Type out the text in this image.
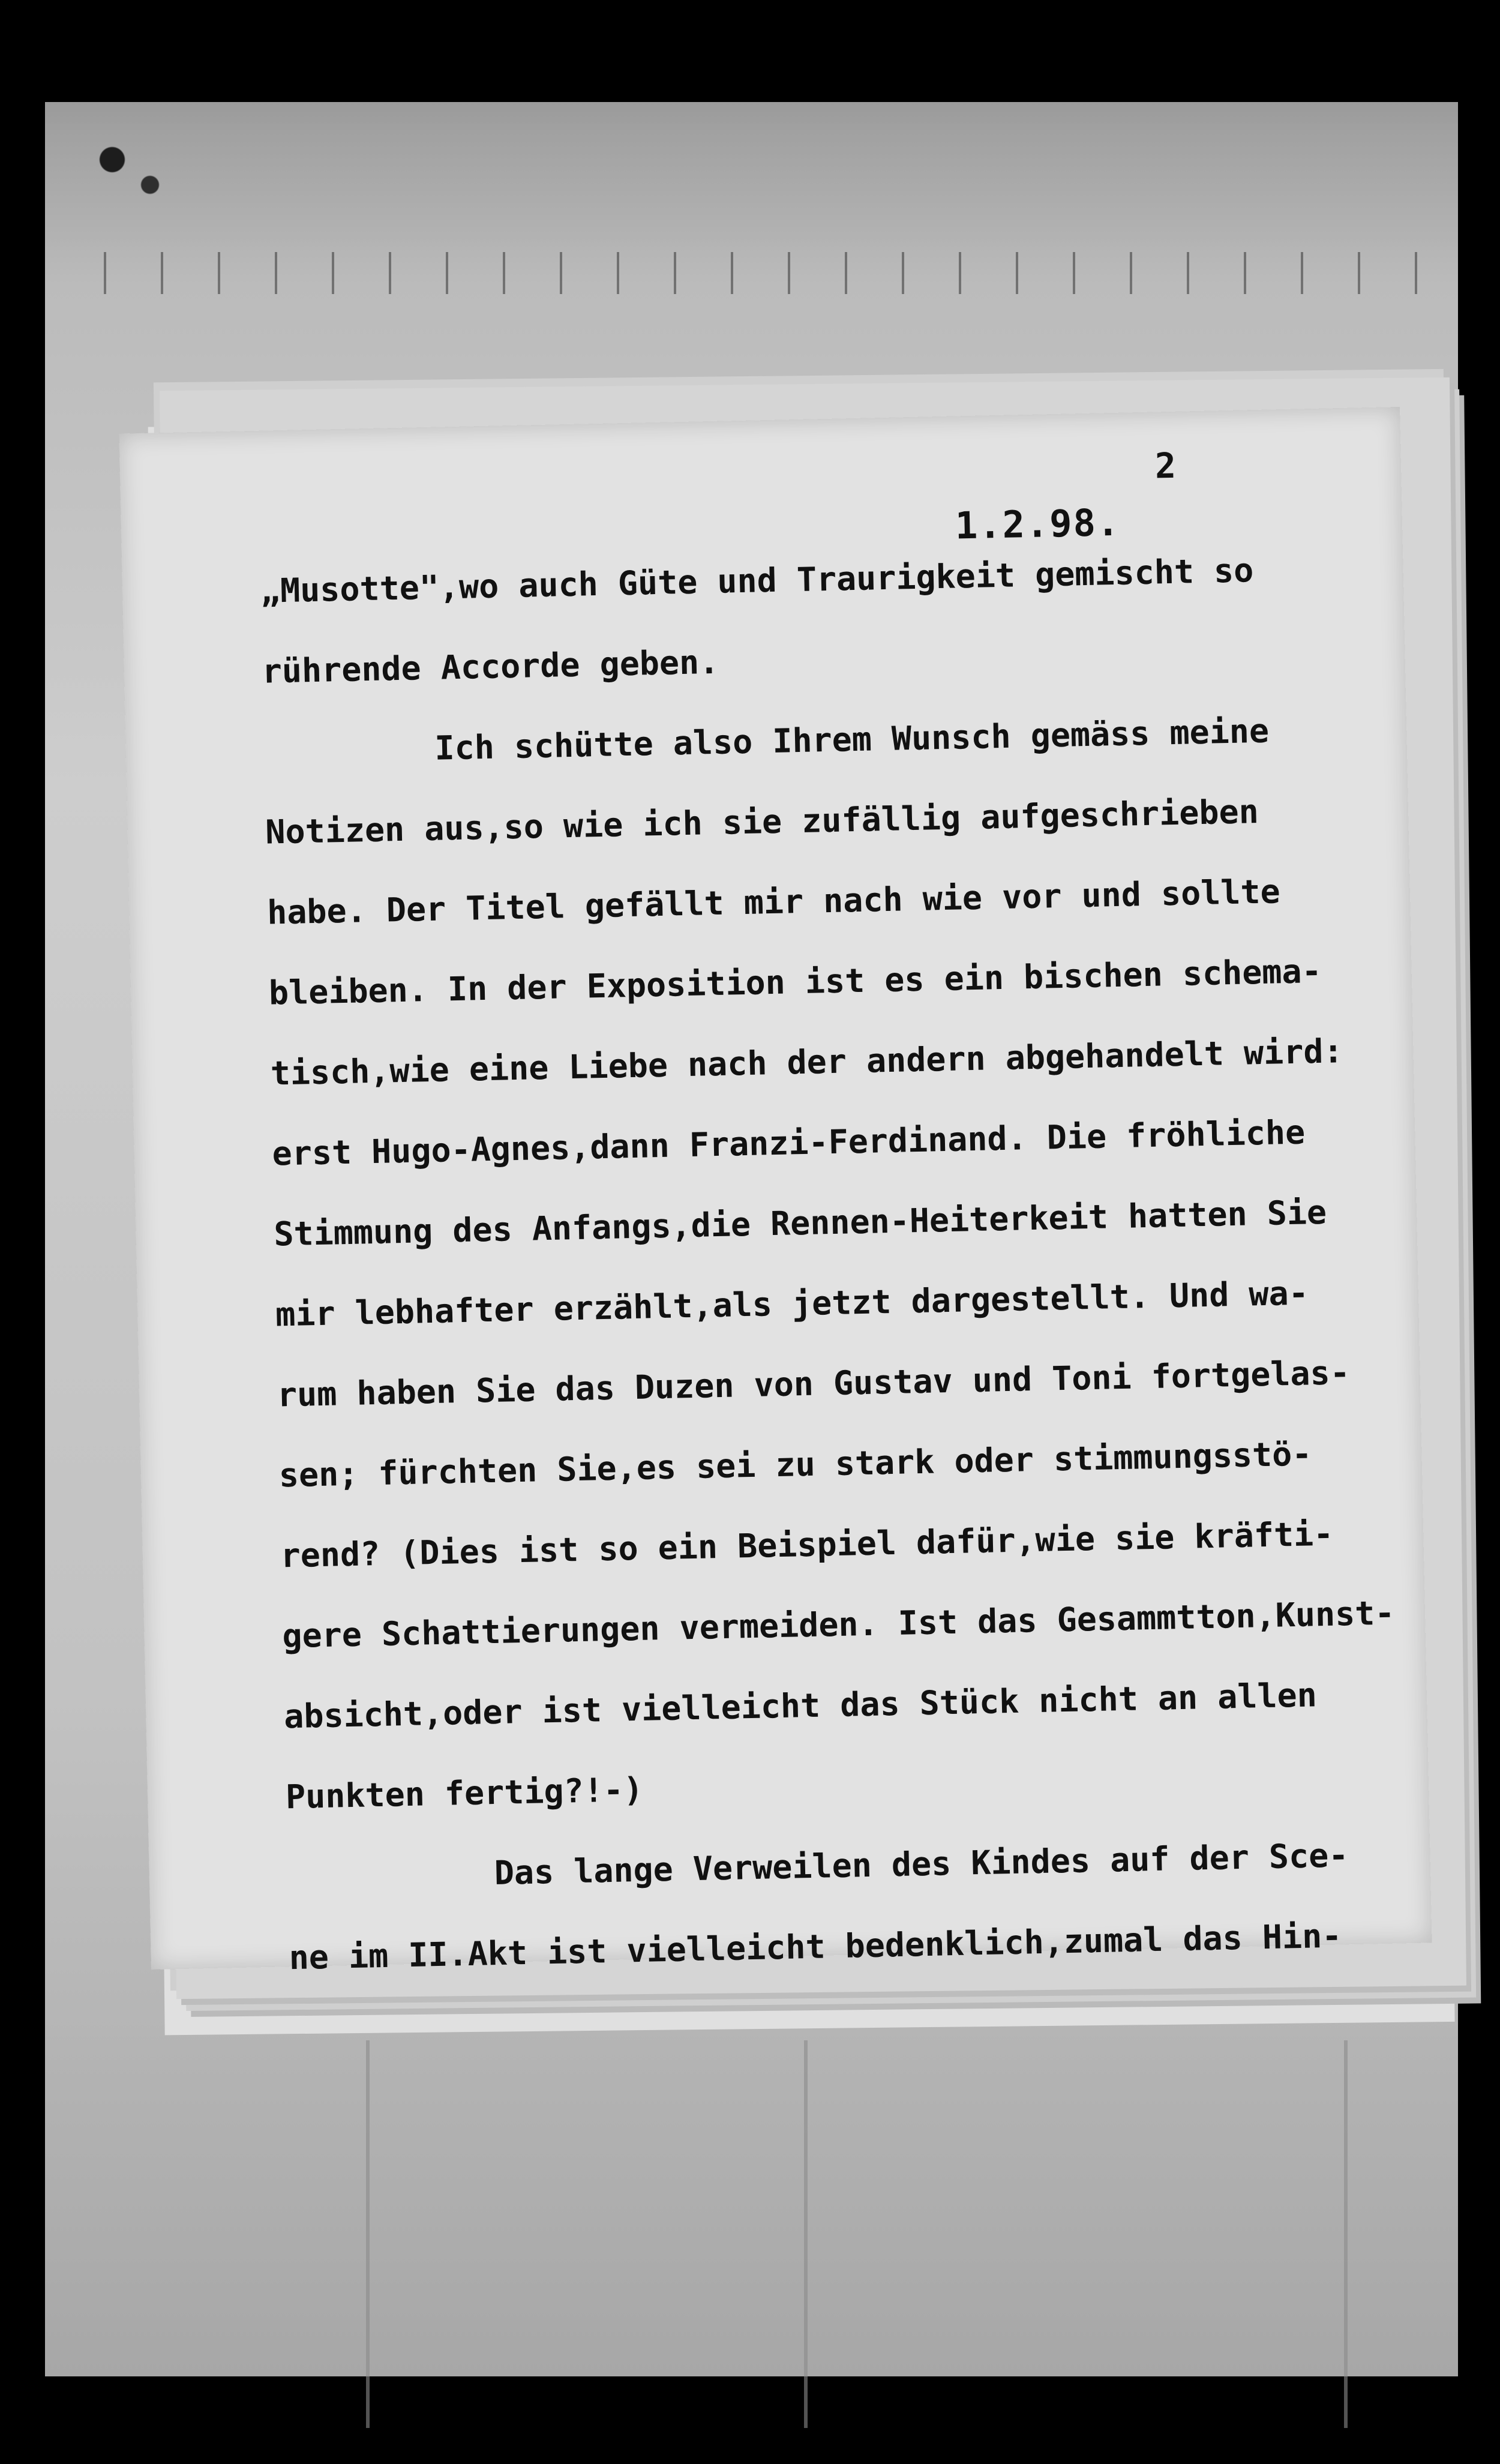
2
1.2.98.
„Musotte",wo auch Güte und Traurigkeit gemischt so
rührende Accorde geben.
Ich schütte also Ihrem Wunsch gemäss meine
Notizen aus,so wie ich sie zufällig aufgeschrieben
habe. Der Titel gefällt mir nach wie vor und sollte
bleiben. In der Exposition ist es ein bischen schema-
tisch,wie eine Liebe nach der andern abgehandelt wird:
erst Hugo-Agnes,dann Franzi-Ferdinand. Die fröhliche
Stimmung des Anfangs,die Rennen-Heiterkeit hatten Sie
mir lebhafter erzählt,als jetzt dargestellt. Und wa-
rum haben Sie das Duzen von Gustav und Toni fortgelas-
sen; fürchten Sie,es sei zu stark oder stimmungsstö-
rend? (Dies ist so ein Beispiel dafür,wie sie kräfti-
gere Schattierungen vermeiden. Ist das Gesammtton,Kunst-
absicht,oder ist vielleicht das Stück nicht an allen
Punkten fertig?!-)
Das lange Verweilen des Kindes auf der Sce-
ne im II.Akt ist vielleicht bedenklich,zumal das Hin-
